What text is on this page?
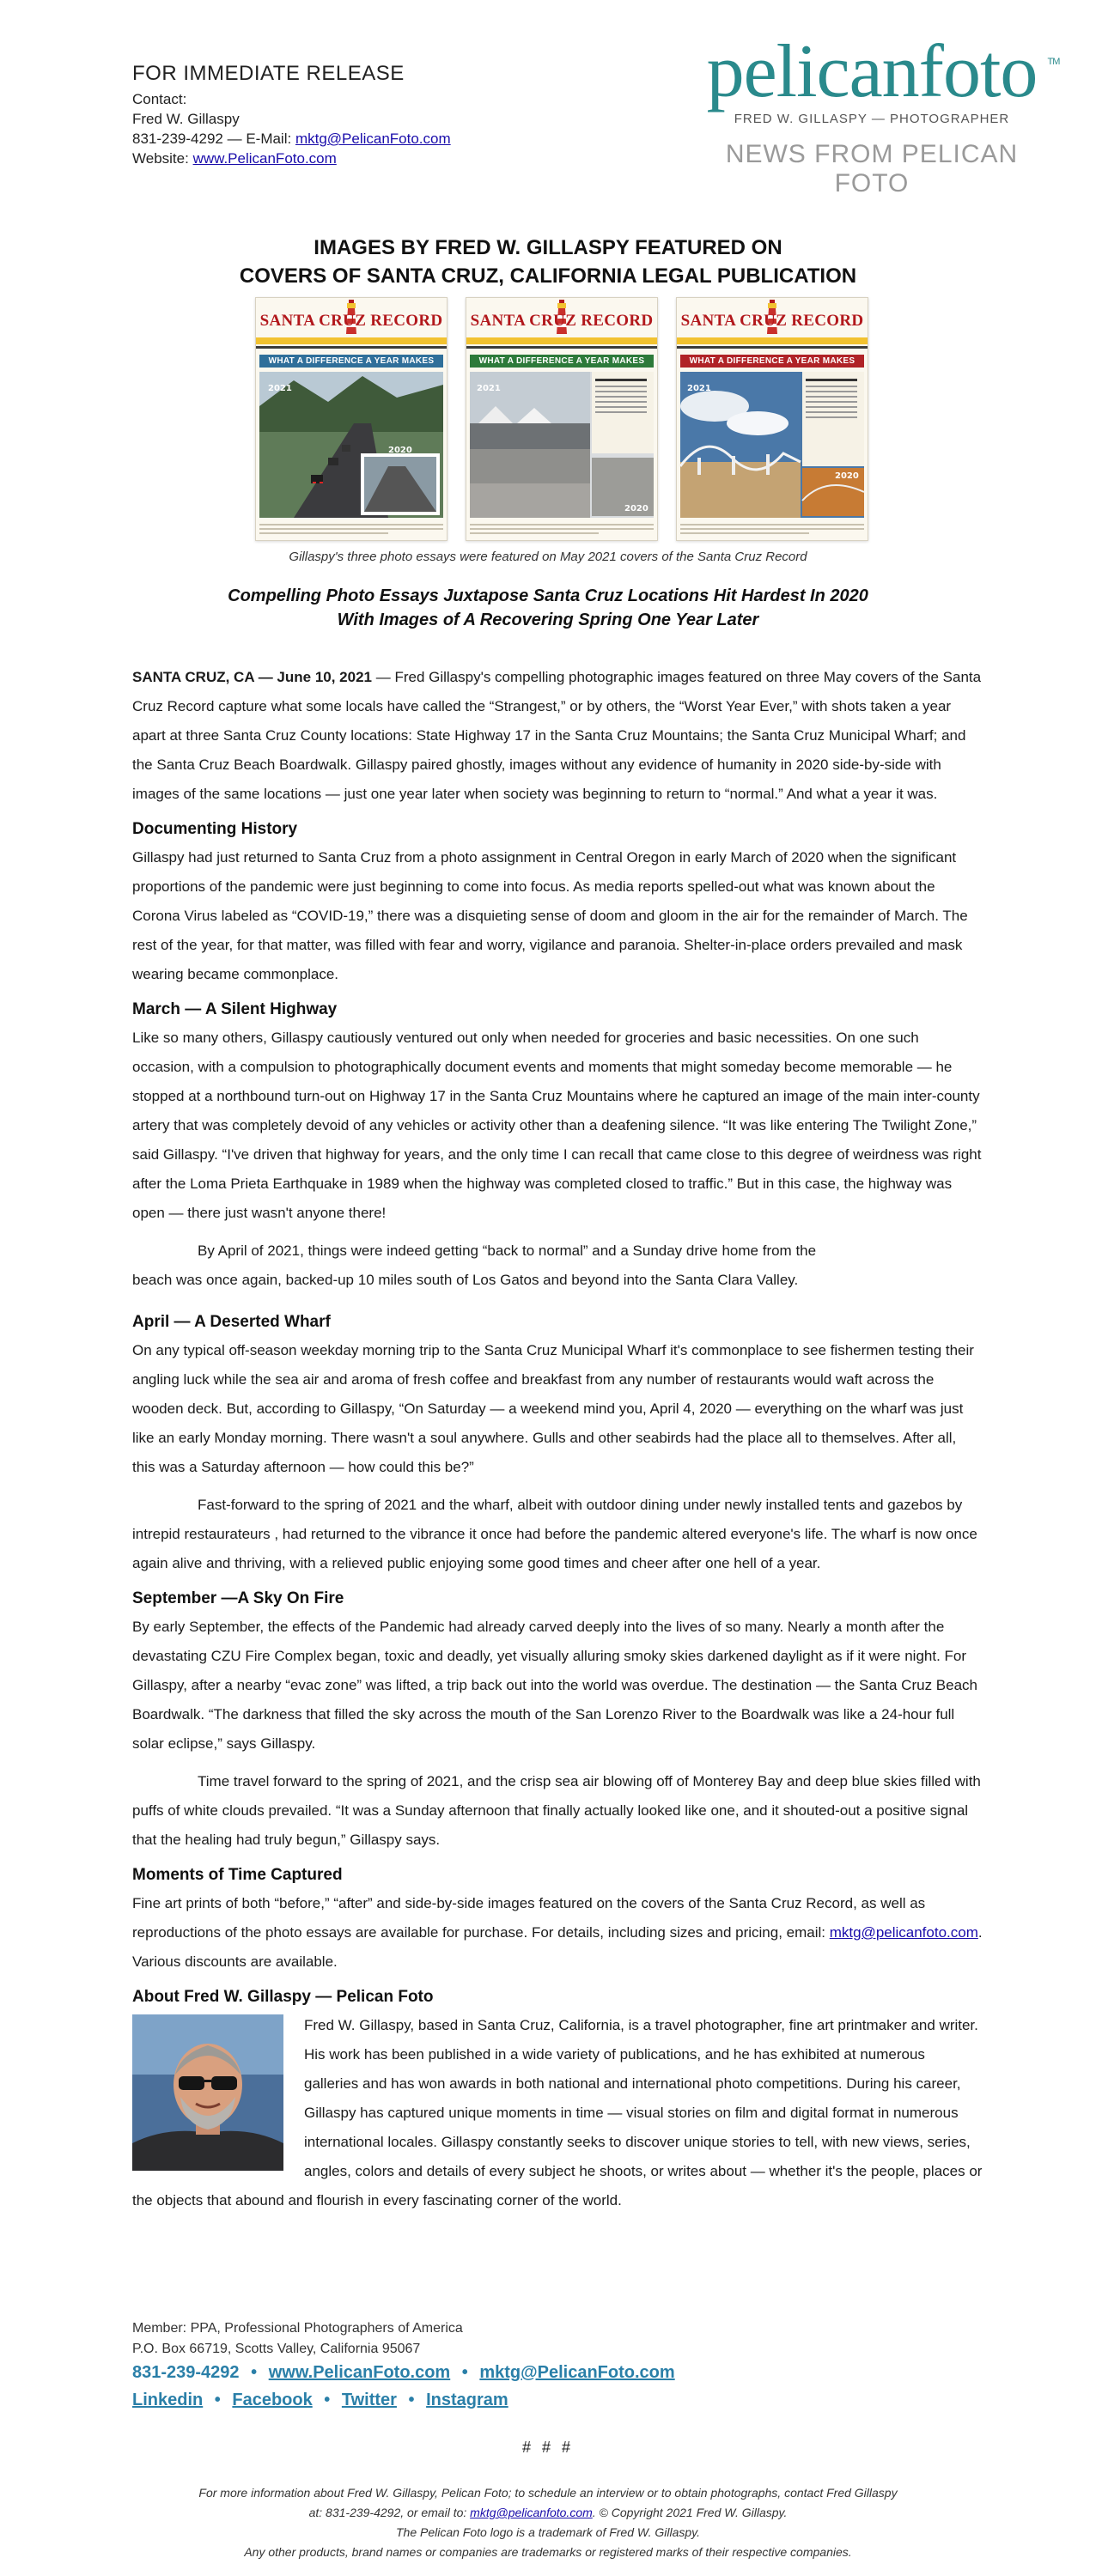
FOR IMMEDIATE RELEASE
Contact:
Fred W. Gillaspy
831-239-4292 — E-Mail: mktg@PelicanFoto.com
Website: www.PelicanFoto.com
pelicanfoto TM
FRED W. GILLASPY — PHOTOGRAPHER
NEWS FROM PELICAN FOTO
IMAGES BY FRED W. GILLASPY FEATURED ON
COVERS OF SANTA CRUZ, CALIFORNIA LEGAL PUBLICATION
SANTA CRUZ RECORD
WHAT A DIFFERENCE A YEAR MAKES
2021
2020
SANTA CRUZ RECORD
WHAT A DIFFERENCE A YEAR MAKES
2021
2020
SANTA CRUZ RECORD
WHAT A DIFFERENCE A YEAR MAKES
2021
2020
Gillaspy's three photo essays were featured on May 2021 covers of the Santa Cruz Record
Compelling Photo Essays Juxtapose Santa Cruz Locations Hit Hardest In 2020
With Images of A Recovering Spring One Year Later

SANTA CRUZ, CA — June 10, 2021 — Fred Gillaspy's compelling photographic images featured on three May covers of the Santa Cruz Record capture what some locals have called the “Strangest,” or by others, the “Worst Year Ever,” with shots taken a year apart at three Santa Cruz County locations: State Highway 17 in the Santa Cruz Mountains; the Santa Cruz Municipal Wharf; and the Santa Cruz Beach Boardwalk. Gillaspy paired ghostly, images without any evidence of humanity in 2020 side-by-side with images of the same locations — just one year later when society was beginning to return to “normal.” And what a year it was.

Documenting History

Gillaspy had just returned to Santa Cruz from a photo assignment in Central Oregon in early March of 2020 when the significant proportions of the pandemic were just beginning to come into focus. As media reports spelled-out what was known about the Corona Virus labeled as “COVID-19,” there was a disquieting sense of doom and gloom in the air for the remainder of March. The rest of the year, for that matter, was filled with fear and worry, vigilance and paranoia. Shelter-in-place orders prevailed and mask wearing became commonplace.

March — A Silent Highway

Like so many others, Gillaspy cautiously ventured out only when needed for groceries and basic necessities. On one such occasion, with a compulsion to photographically document events and moments that might someday become memorable — he stopped at a northbound turn-out on Highway 17 in the Santa Cruz Mountains where he captured an image of the main inter-county artery that was completely devoid of any vehicles or activity other than a deafening silence. “It was like entering The Twilight Zone,” said Gillaspy. “I've driven that highway for years, and the only time I can recall that came close to this degree of weirdness was right after the Loma Prieta Earthquake in 1989 when the highway was completed closed to traffic.” But in this case, the highway was open — there just wasn't anyone there!

By April of 2021, things were indeed getting “back to normal” and a Sunday drive home from the beach was once again, backed-up 10 miles south of Los Gatos and beyond into the Santa Clara Valley.

April — A Deserted Wharf

On any typical off-season weekday morning trip to the Santa Cruz Municipal Wharf it's commonplace to see fishermen testing their angling luck while the sea air and aroma of fresh coffee and breakfast from any number of restaurants would waft across the wooden deck. But, according to Gillaspy, “On Saturday — a weekend mind you, April 4, 2020 — everything on the wharf was just like an early Monday morning. There wasn't a soul anywhere. Gulls and other seabirds had the place all to themselves. After all, this was a Saturday afternoon — how could this be?”

Fast-forward to the spring of 2021 and the wharf, albeit with outdoor dining under newly installed tents and gazebos by intrepid restaurateurs , had returned to the vibrance it once had before the pandemic altered everyone's life. The wharf is now once again alive and thriving, with a relieved public enjoying some good times and cheer after one hell of a year.

September —A Sky On Fire

By early September, the effects of the Pandemic had already carved deeply into the lives of so many. Nearly a month after the devastating CZU Fire Complex began, toxic and deadly, yet visually alluring smoky skies darkened daylight as if it were night. For Gillaspy, after a nearby “evac zone” was lifted, a trip back out into the world was overdue. The destination — the Santa Cruz Beach Boardwalk. “The darkness that filled the sky across the mouth of the San Lorenzo River to the Boardwalk was like a 24-hour full solar eclipse,” says Gillaspy.

Time travel forward to the spring of 2021, and the crisp sea air blowing off of Monterey Bay and deep blue skies filled with puffs of white clouds prevailed. “It was a Sunday afternoon that finally actually looked like one, and it shouted-out a positive signal that the healing had truly begun,” Gillaspy says.

Moments of Time Captured

Fine art prints of both “before,” “after” and side-by-side images featured on the covers of the Santa Cruz Record, as well as reproductions of the photo essays are available for purchase. For details, including sizes and pricing, email: mktg@pelicanfoto.com. Various discounts are available.

About Fred W. Gillaspy — Pelican Foto

Fred W. Gillaspy, based in Santa Cruz, California, is a travel photographer, fine art printmaker and writer. His work has been published in a wide variety of publications, and he has exhibited at numerous galleries and has won awards in both national and international photo competitions. During his career, Gillaspy has captured unique moments in time — visual stories on film and digital format in numerous international locales. Gillaspy constantly seeks to discover unique stories to tell, with new views, series, angles, colors and details of every subject he shoots, or writes about — whether it's the people, places or the objects that abound and flourish in every fascinating corner of the world.

Member: PPA, Professional Photographers of America
P.O. Box 66719, Scotts Valley, California 95067
831-239-4292 • www.PelicanFoto.com • mktg@PelicanFoto.com
Linkedin • Facebook • Twitter • Instagram
# # #
For more information about Fred W. Gillaspy, Pelican Foto; to schedule an interview or to obtain photographs, contact Fred Gillaspy
at: 831-239-4292, or email to: mktg@pelicanfoto.com. © Copyright 2021 Fred W. Gillaspy.
The Pelican Foto logo is a trademark of Fred W. Gillaspy.
Any other products, brand names or companies are trademarks or registered marks of their respective companies.
